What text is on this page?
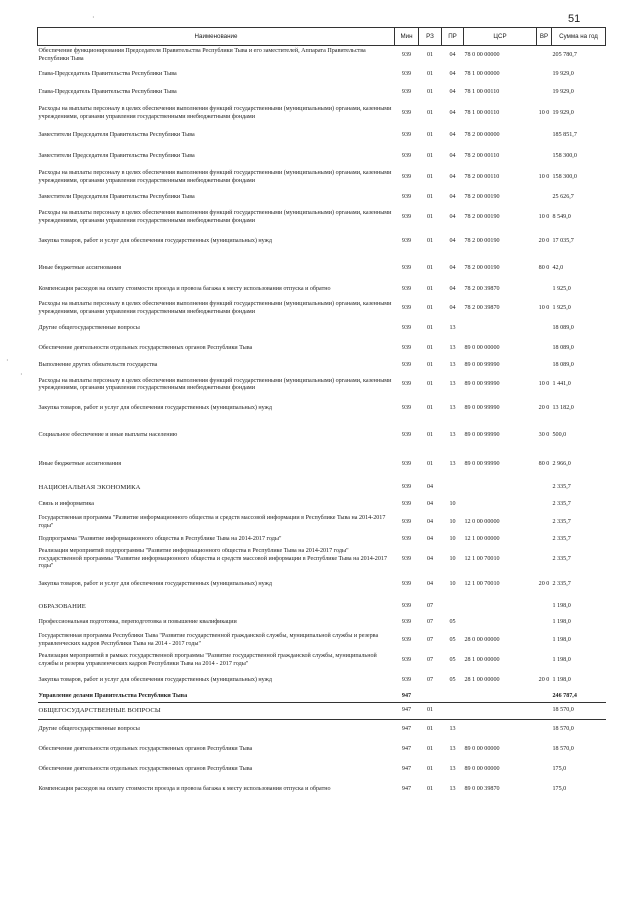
51
·
·
·
Наименование	Мин	РЗ	ПР	ЦСР	ВР	Сумма на год
Обеспечение функционирования Председателя Правительства Республики Тыва и его заместителей, Аппарата Правительства Республики Тыва	939	01	04	78 0 00 00000		205 780,7
Глава-Председатель Правительства Республики Тыва	939	01	04	78 1 00 00000		19 929,0
Глава-Председатель Правительства Республики Тыва	939	01	04	78 1 00 00110		19 929,0
Расходы на выплаты персоналу в целях обеспечения выполнения функций государственными (муниципальными) органами, казенными учреждениями, органами управления государственными внебюджетными фондами	939	01	04	78 1 00 00110	10 0	19 929,0
Заместители Председателя Правительства Республики Тыва	939	01	04	78 2 00 00000		185 851,7
Заместители Председателя Правительства Республики Тыва	939	01	04	78 2 00 00110		158 300,0
Расходы на выплаты персоналу в целях обеспечения выполнения функций государственными (муниципальными) органами, казенными учреждениями, органами управления государственными внебюджетными фондами	939	01	04	78 2 00 00110	10 0	158 300,0
Заместители Председателя Правительства Республики Тыва	939	01	04	78 2 00 00190		25 626,7
Расходы на выплаты персоналу в целях обеспечения выполнения функций государственными (муниципальными) органами, казенными учреждениями, органами управления государственными внебюджетными фондами	939	01	04	78 2 00 00190	10 0	8 549,0
Закупка товаров, работ и услуг для обеспечения государственных (муниципальных) нужд	939	01	04	78 2 00 00190	20 0	17 035,7
Иные бюджетные ассигнования	939	01	04	78 2 00 00190	80 0	42,0
Компенсация расходов на оплату стоимости проезда и провоза багажа к месту использования отпуска и обратно	939	01	04	78 2 00 39870		1 925,0
Расходы на выплаты персоналу в целях обеспечения выполнения функций государственными (муниципальными) органами, казенными учреждениями, органами управления государственными внебюджетными фондами	939	01	04	78 2 00 39870	10 0	1 925,0
Другие общегосударственные вопросы	939	01	13			18 089,0
Обеспечение деятельности отдельных государственных органов Республики Тыва	939	01	13	89 0 00 00000		18 089,0
Выполнение других обязательств государства	939	01	13	89 0 00 99990		18 089,0
Расходы на выплаты персоналу в целях обеспечения выполнения функций государственными (муниципальными) органами, казенными учреждениями, органами управления государственными внебюджетными фондами	939	01	13	89 0 00 99990	10 0	1 441,0
Закупка товаров, работ и услуг для обеспечения государственных (муниципальных) нужд	939	01	13	89 0 00 99990	20 0	13 182,0
Социальное обеспечение и иные выплаты населению	939	01	13	89 0 00 99990	30 0	500,0
Иные бюджетные ассигнования	939	01	13	89 0 00 99990	80 0	2 966,0
НАЦИОНАЛЬНАЯ ЭКОНОМИКА	939	04				2 335,7
Связь и информатика	939	04	10			2 335,7
Государственная программа "Развитие информационного общества и средств массовой информации в Республике Тыва на 2014-2017 годы"	939	04	10	12 0 00 00000		2 335,7
Подпрограмма "Развитие информационного общества в Республике Тыва на 2014-2017 годы"	939	04	10	12 1 00 00000		2 335,7
Реализация мероприятий подпрограммы "Развитие информационного общества в Республике Тыва на 2014-2017 годы" государственной программы "Развитие информационного общества и средств массовой информации в Республике Тыва на 2014-2017 годы"	939	04	10	12 1 00 70010		2 335,7
Закупка товаров, работ и услуг для обеспечения государственных (муниципальных) нужд	939	04	10	12 1 00 70010	20 0	2 335,7
ОБРАЗОВАНИЕ	939	07				1 198,0
Профессиональная подготовка, переподготовка и повышение квалификации	939	07	05			1 198,0
Государственная программа Республики Тыва "Развитие государственной гражданской службы, муниципальной службы и резерва управленческих кадров Республики Тыва на 2014 - 2017 годы"	939	07	05	28 0 00 00000		1 198,0
Реализация мероприятий в рамках государственной программы "Развитие государственной гражданской службы, муниципальной службы и резерва управленческих кадров Республики Тыва на 2014 - 2017 годы"	939	07	05	28 1 00 00000		1 198,0
Закупка товаров, работ и услуг для обеспечения государственных (муниципальных) нужд	939	07	05	28 1 00 00000	20 0	1 198,0
Управление делами Правительства Республики Тыва	947					246 787,4
ОБЩЕГОСУДАРСТВЕННЫЕ ВОПРОСЫ	947	01				18 570,0
Другие общегосударственные вопросы	947	01	13			18 570,0
Обеспечение деятельности отдельных государственных органов Республики Тыва	947	01	13	89 0 00 00000		18 570,0
Обеспечение деятельности отдельных государственных органов Республики Тыва	947	01	13	89 0 00 00000		175,0
Компенсация расходов на оплату стоимости проезда и провоза багажа к месту использования отпуска и обратно	947	01	13	89 0 00 39870		175,0
